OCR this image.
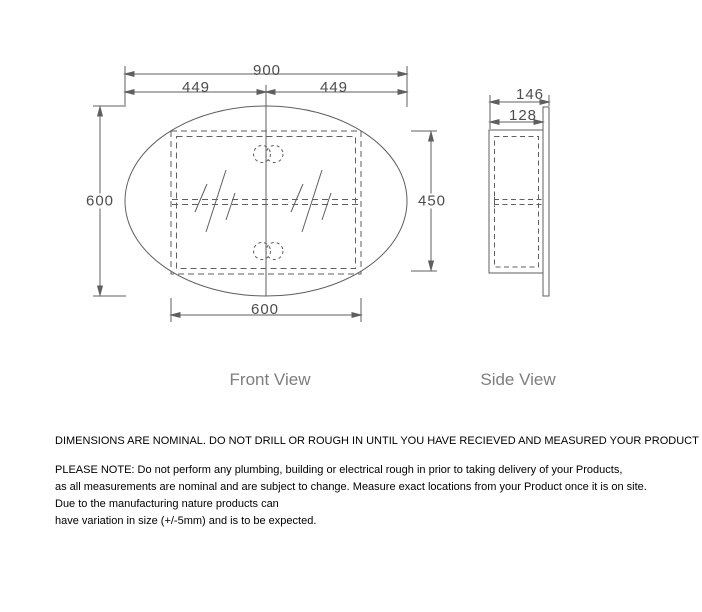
900
449	449
600	450
600
146
128
Front View	Side View
DIMENSIONS ARE NOMINAL. DO NOT DRILL OR ROUGH IN UNTIL YOU HAVE RECIEVED AND MEASURED YOUR PRODUCT
PLEASE NOTE: Do not perform any plumbing, building or electrical rough in prior to taking delivery of your Products,
as all measurements are nominal and are subject to change. Measure exact locations from your Product once it is on site.
Due to the manufacturing nature products can
have variation in size (+/-5mm) and is to be expected.
